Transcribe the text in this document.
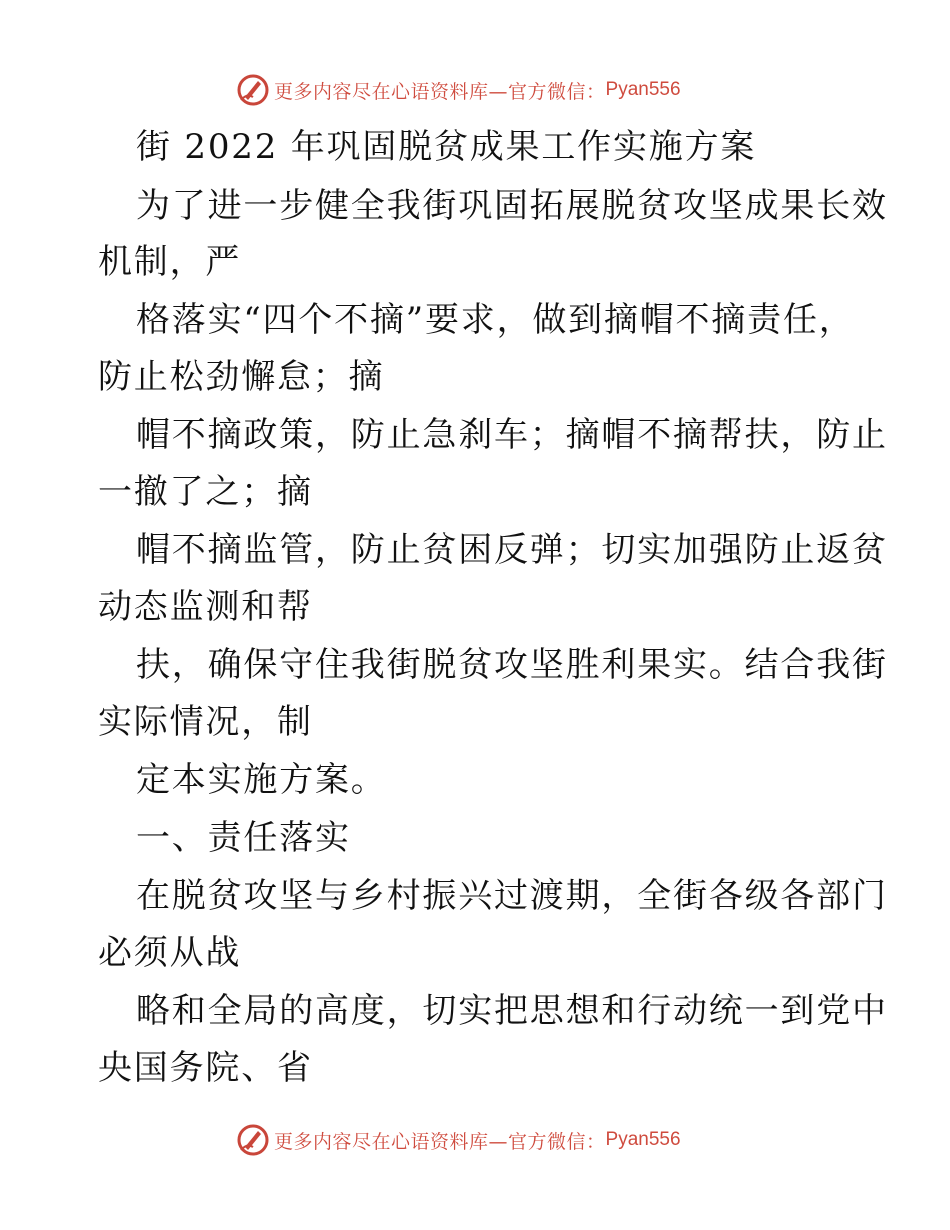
更多内容尽在心语资料库—官方微信： Pyan556
街 2022 年巩固脱贫成果工作实施方案
为了进一步健全我街巩固拓展脱贫攻坚成果长效
机制，严
格落实“四个不摘”要求，做到摘帽不摘责任，
防止松劲懈怠；摘
帽不摘政策，防止急刹车；摘帽不摘帮扶，防止
一撤了之；摘
帽不摘监管，防止贫困反弹；切实加强防止返贫
动态监测和帮
扶，确保守住我街脱贫攻坚胜利果实。结合我街
实际情况，制
定本实施方案。
一、责任落实
在脱贫攻坚与乡村振兴过渡期，全街各级各部门
必须从战
略和全局的高度，切实把思想和行动统一到党中
央国务院、省
更多内容尽在心语资料库—官方微信： Pyan556
